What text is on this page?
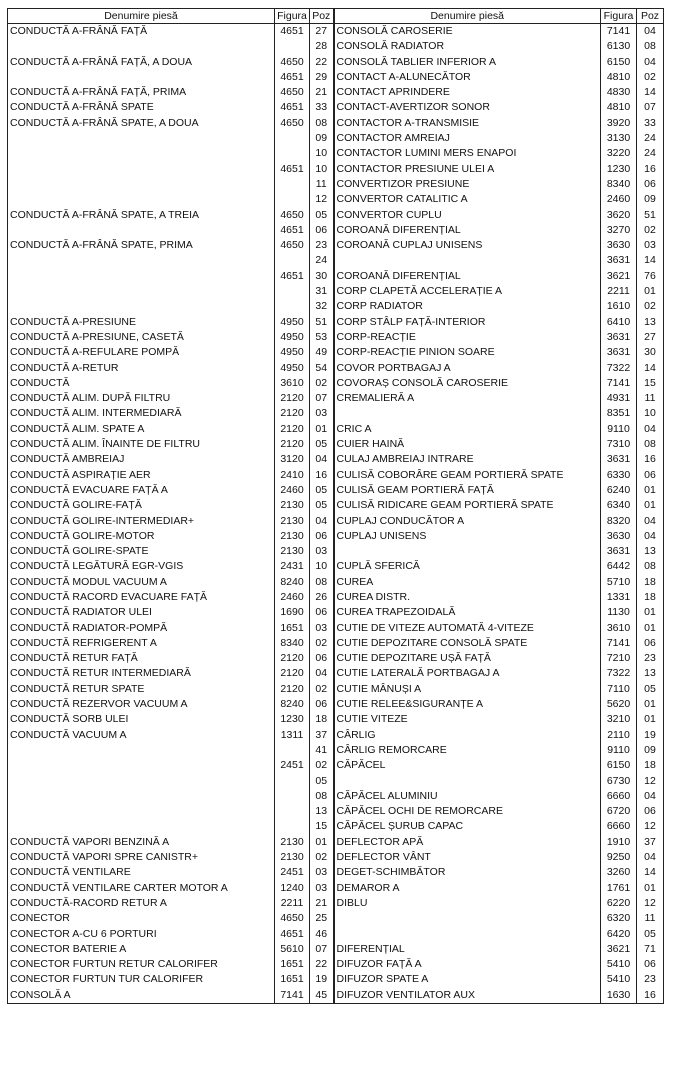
Denumire piesă	Figura	Poz	Denumire piesă	Figura	Poz
CONDUCTĂ A-FRÂNĂ FAȚĂ	4651	27	CONSOLĂ CAROSERIE	7141	04
		28	CONSOLĂ RADIATOR	6130	08
CONDUCTĂ A-FRÂNĂ FAȚĂ, A DOUA	4650	22	CONSOLĂ TABLIER INFERIOR A	6150	04
	4651	29	CONTACT A-ALUNECĂTOR	4810	02
CONDUCTĂ A-FRÂNĂ FAȚĂ, PRIMA	4650	21	CONTACT APRINDERE	4830	14
CONDUCTĂ A-FRÂNĂ SPATE	4651	33	CONTACT-AVERTIZOR SONOR	4810	07
CONDUCTĂ A-FRÂNĂ SPATE, A DOUA	4650	08	CONTACTOR A-TRANSMISIE	3920	33
		09	CONTACTOR AMREIAJ	3130	24
		10	CONTACTOR LUMINI MERS ENAPOI	3220	24
	4651	10	CONTACTOR PRESIUNE ULEI A	1230	16
		11	CONVERTIZOR PRESIUNE	8340	06
		12	CONVERTOR CATALITIC A	2460	09
CONDUCTĂ A-FRÂNĂ SPATE, A TREIA	4650	05	CONVERTOR CUPLU	3620	51
	4651	06	COROANĂ DIFERENȚIAL	3270	02
CONDUCTĂ A-FRÂNĂ SPATE, PRIMA	4650	23	COROANĂ CUPLAJ UNISENS	3630	03
		24		3631	14
	4651	30	COROANĂ DIFERENȚIAL	3621	76
		31	CORP CLAPETĂ ACCELERAȚIE A	2211	01
		32	CORP RADIATOR	1610	02
CONDUCTĂ A-PRESIUNE	4950	51	CORP STÂLP FAȚĂ-INTERIOR	6410	13
CONDUCTĂ A-PRESIUNE, CASETĂ	4950	53	CORP-REACȚIE	3631	27
CONDUCTĂ A-REFULARE POMPĂ	4950	49	CORP-REACȚIE PINION SOARE	3631	30
CONDUCTĂ A-RETUR	4950	54	COVOR PORTBAGAJ A	7322	14
CONDUCTĂ	3610	02	COVORAȘ CONSOLĂ CAROSERIE	7141	15
CONDUCTĂ ALIM. DUPĂ FILTRU	2120	07	CREMALIERĂ A	4931	11
CONDUCTĂ ALIM. INTERMEDIARĂ	2120	03		8351	10
CONDUCTĂ ALIM. SPATE A	2120	01	CRIC A	9110	04
CONDUCTĂ ALIM. ÎNAINTE DE FILTRU	2120	05	CUIER HAINĂ	7310	08
CONDUCTĂ AMBREIAJ	3120	04	CULAJ AMBREIAJ INTRARE	3631	16
CONDUCTĂ ASPIRAȚIE AER	2410	16	CULISĂ COBORÂRE GEAM PORTIERĂ SPATE	6330	06
CONDUCTĂ EVACUARE FAȚĂ A	2460	05	CULISĂ GEAM PORTIERĂ FAȚĂ	6240	01
CONDUCTĂ GOLIRE-FAȚĂ	2130	05	CULISĂ RIDICARE GEAM PORTIERĂ SPATE	6340	01
CONDUCTĂ GOLIRE-INTERMEDIAR+	2130	04	CUPLAJ CONDUCĂTOR A	8320	04
CONDUCTĂ GOLIRE-MOTOR	2130	06	CUPLAJ UNISENS	3630	04
CONDUCTĂ GOLIRE-SPATE	2130	03		3631	13
CONDUCTĂ LEGĂTURĂ EGR-VGIS	2431	10	CUPLĂ SFERICĂ	6442	08
CONDUCTĂ MODUL VACUUM A	8240	08	CUREA	5710	18
CONDUCTĂ RACORD EVACUARE FAȚĂ	2460	26	CUREA DISTR.	1331	18
CONDUCTĂ RADIATOR ULEI	1690	06	CUREA TRAPEZOIDALĂ	1130	01
CONDUCTĂ RADIATOR-POMPĂ	1651	03	CUTIE DE VITEZE AUTOMATĂ 4-VITEZE	3610	01
CONDUCTĂ REFRIGERENT A	8340	02	CUTIE DEPOZITARE CONSOLĂ SPATE	7141	06
CONDUCTĂ RETUR FAȚĂ	2120	06	CUTIE DEPOZITARE UȘĂ FAȚĂ	7210	23
CONDUCTĂ RETUR INTERMEDIARĂ	2120	04	CUTIE LATERALĂ PORTBAGAJ A	7322	13
CONDUCTĂ RETUR SPATE	2120	02	CUTIE MÂNUȘI A	7110	05
CONDUCTĂ REZERVOR VACUUM A	8240	06	CUTIE RELEE&SIGURANȚE A	5620	01
CONDUCTĂ SORB ULEI	1230	18	CUTIE VITEZE	3210	01
CONDUCTĂ VACUUM A	1311	37	CÂRLIG	2110	19
		41	CÂRLIG REMORCARE	9110	09
	2451	02	CĂPĂCEL	6150	18
		05		6730	12
		08	CĂPĂCEL ALUMINIU	6660	04
		13	CĂPĂCEL OCHI DE REMORCARE	6720	06
		15	CĂPĂCEL ȘURUB CAPAC	6660	12
CONDUCTĂ VAPORI BENZINĂ A	2130	01	DEFLECTOR APĂ	1910	37
CONDUCTĂ VAPORI SPRE CANISTR+	2130	02	DEFLECTOR VÂNT	9250	04
CONDUCTĂ VENTILARE	2451	03	DEGET-SCHIMBĂTOR	3260	14
CONDUCTĂ VENTILARE CARTER MOTOR A	1240	03	DEMAROR A	1761	01
CONDUCTĂ-RACORD RETUR A	2211	21	DIBLU	6220	12
CONECTOR	4650	25		6320	11
CONECTOR A-CU 6 PORTURI	4651	46		6420	05
CONECTOR BATERIE A	5610	07	DIFERENȚIAL	3621	71
CONECTOR FURTUN RETUR CALORIFER	1651	22	DIFUZOR FAȚĂ A	5410	06
CONECTOR FURTUN TUR CALORIFER	1651	19	DIFUZOR SPATE A	5410	23
CONSOLĂ A	7141	45	DIFUZOR VENTILATOR AUX	1630	16
